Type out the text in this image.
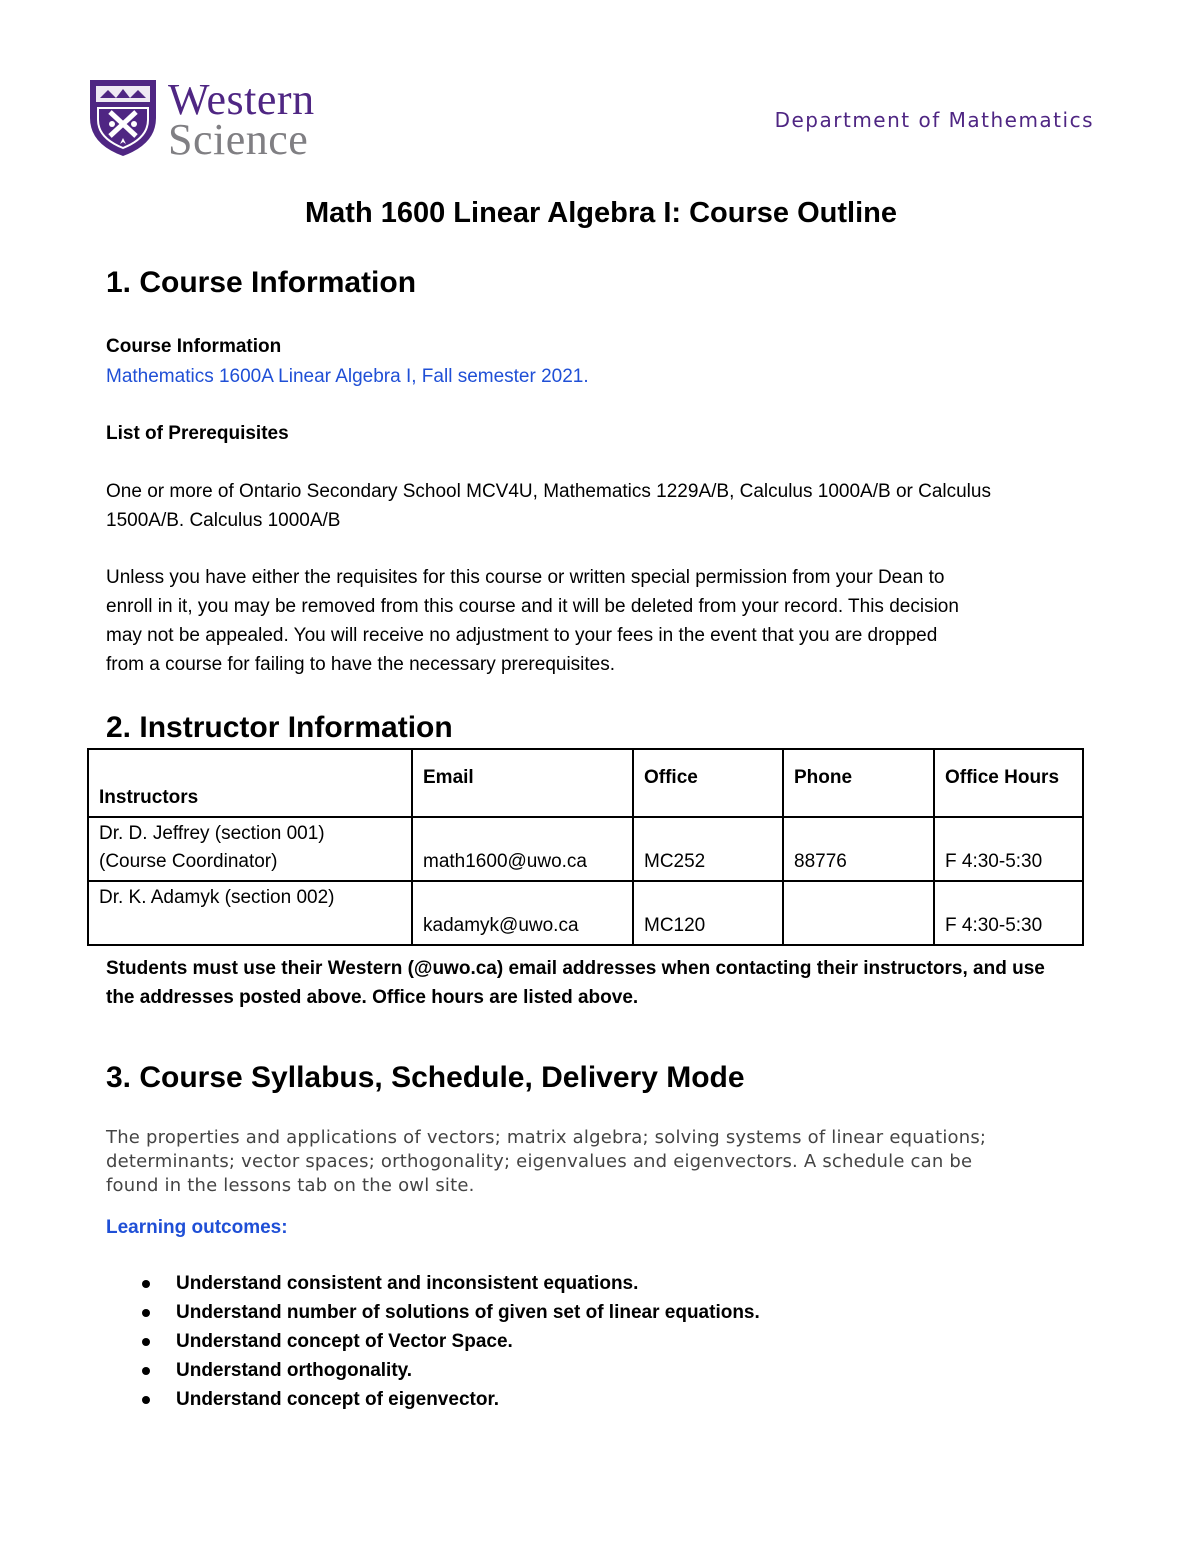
Western
Science	Department of Mathematics
Math 1600 Linear Algebra I: Course Outline
1. Course Information
Course Information
Mathematics 1600A Linear Algebra I, Fall semester 2021.
List of Prerequisites
One or more of Ontario Secondary School MCV4U, Mathematics 1229A/B, Calculus 1000A/B or Calculus
1500A/B. Calculus 1000A/B
Unless you have either the requisites for this course or written special permission from your Dean to
enroll in it, you may be removed from this course and it will be deleted from your record. This decision
may not be appealed. You will receive no adjustment to your fees in the event that you are dropped
from a course for failing to have the necessary prerequisites.
2. Instructor Information
Instructors	Email	Office	Phone	Office Hours

Dr. D. Jeffrey (section 001)
(Course Coordinator)	math1600@uwo.ca	MC252	88776	F 4:30-5:30

Dr. K. Adamyk (section 002)	kadamyk@uwo.ca	MC120		F 4:30-5:30
Students must use their Western (@uwo.ca) email addresses when contacting their instructors, and use
the addresses posted above. Office hours are listed above.
3. Course Syllabus, Schedule, Delivery Mode
The properties and applications of vectors; matrix algebra; solving systems of linear equations;
determinants; vector spaces; orthogonality; eigenvalues and eigenvectors. A schedule can be
found in the lessons tab on the owl site.
Learning outcomes:
Understand consistent and inconsistent equations.
Understand number of solutions of given set of linear equations.
Understand concept of Vector Space.
Understand orthogonality.
Understand concept of eigenvector.
